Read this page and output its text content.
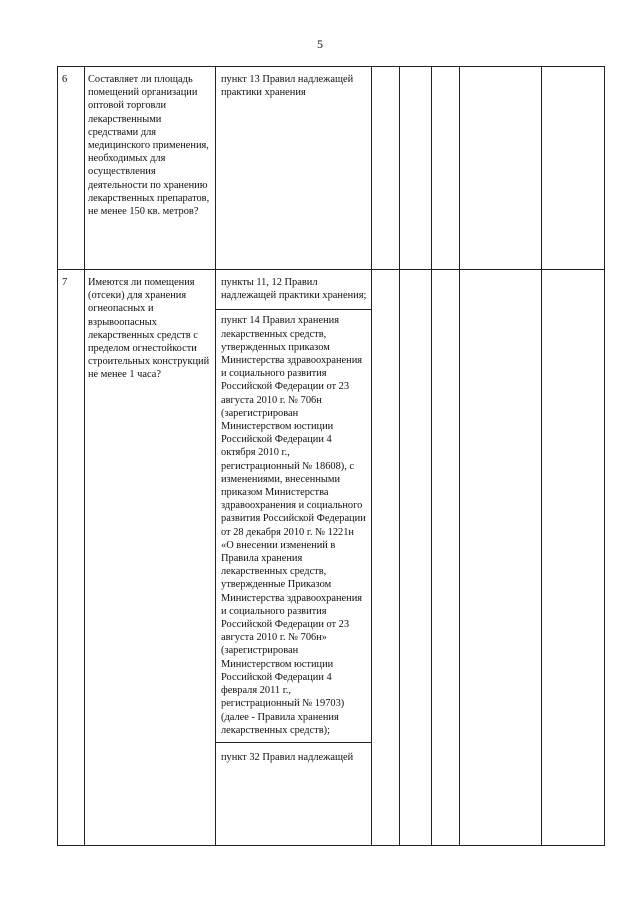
5
6	Составляет ли площадь помещений организации оптовой торговли лекарственными средствами для медицинского применения, необходимых для осуществления деятельности по хранению лекарственных препаратов, не менее 150 кв. метров?	пункт 13 Правил надлежащей практики хранения					
7	Имеются ли помещения (отсеки) для хранения огнеопасных и взрывоопасных лекарственных средств с пределом огнестойкости строительных конструкций не менее 1 часа?	пункты 11, 12 Правил надлежащей практики хранения;
пункт 14 Правил хранения лекарственных средств, утвержденных приказом Министерства здравоохранения и социального развития Российской Федерации от 23 августа 2010 г. № 706н (зарегистрирован Министерством юстиции Российской Федерации 4 октября 2010 г., регистрационный № 18608), с изменениями, внесенными приказом Министерства здравоохранения и социального развития Российской Федерации от 28 декабря 2010 г. № 1221н «О внесении изменений в Правила хранения лекарственных средств, утвержденные Приказом Министерства здравоохранения и социального развития Российской Федерации от 23 августа 2010 г. № 706н» (зарегистрирован Министерством юстиции Российской Федерации 4 февраля 2011 г., регистрационный № 19703) (далее - Правила хранения лекарственных средств);
пункт 32 Правил надлежащей					
